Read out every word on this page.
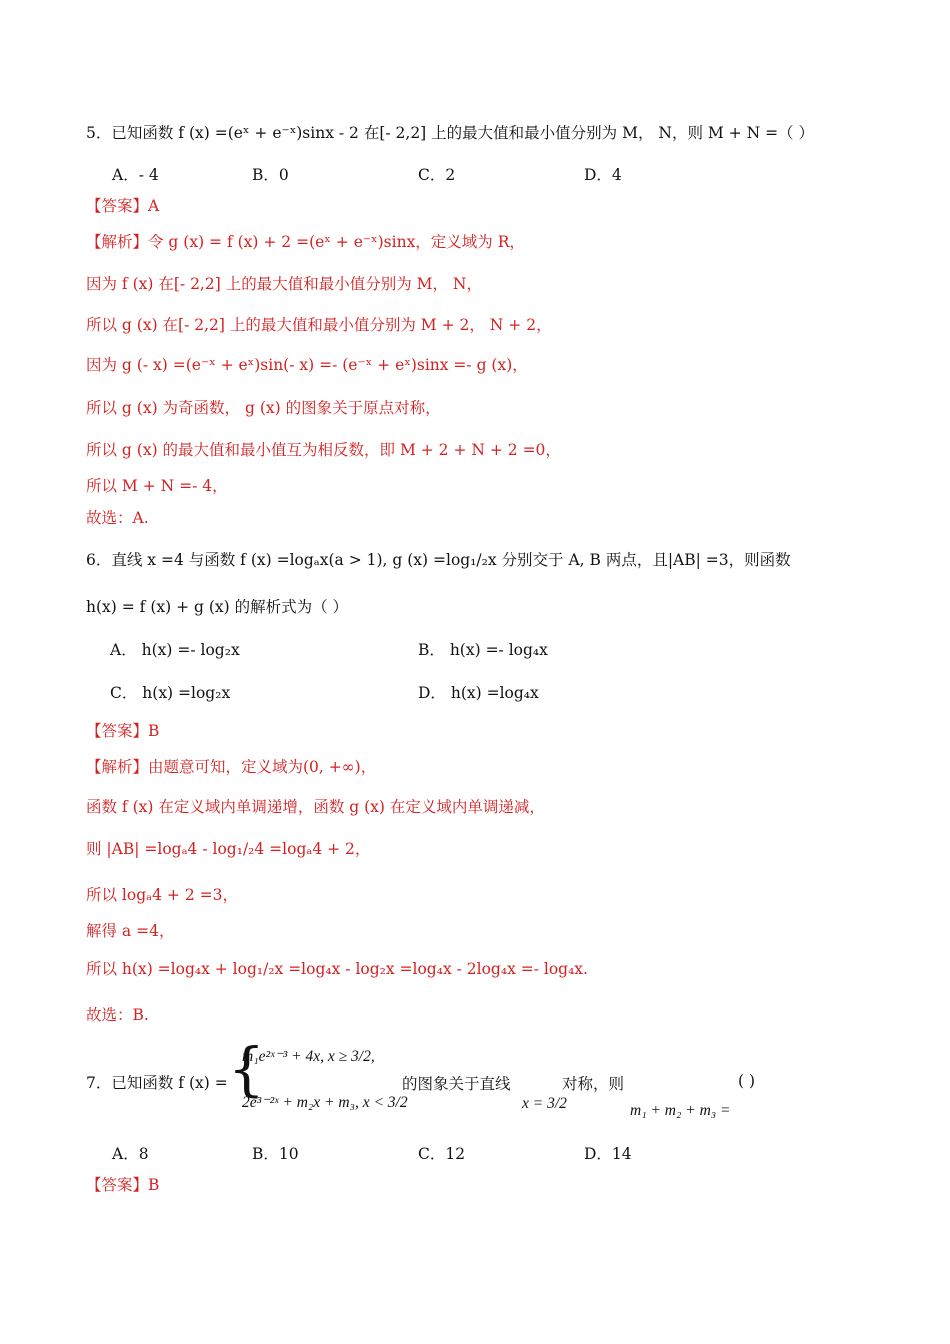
5．已知函数 f (x) =(eˣ + e⁻ˣ)sinx - 2 在[- 2,2] 上的最大值和最小值分别为 M， N，则 M + N =（ ）
A．- 4	B．0	C．2	D．4
【答案】A
【解析】令 g (x) = f (x) + 2 =(eˣ + e⁻ˣ)sinx，定义域为 R，
因为 f (x) 在[- 2,2] 上的最大值和最小值分别为 M， N，
所以 g (x) 在[- 2,2] 上的最大值和最小值分别为 M + 2， N + 2，
因为 g (- x) =(e⁻ˣ + eˣ)sin(- x) =- (e⁻ˣ + eˣ)sinx =- g (x)，
所以 g (x) 为奇函数， g (x) 的图象关于原点对称，
所以 g (x) 的最大值和最小值互为相反数，即 M + 2 + N + 2 =0，
所以 M + N =- 4，
故选：A.
6．直线 x =4 与函数 f (x) =logₐx(a > 1), g (x) =log₁/₂x 分别交于 A, B 两点，且|AB| =3，则函数
h(x) = f (x) + g (x) 的解析式为（ ）
A． h(x) =- log₂x	B． h(x) =- log₄x
C． h(x) =log₂x	D． h(x) =log₄x
【答案】B
【解析】由题意可知，定义域为(0, +∞)，
函数 f (x) 在定义域内单调递增，函数 g (x) 在定义域内单调递减，
则 |AB| =logₐ4 - log₁/₂4 =logₐ4 + 2，
所以 logₐ4 + 2 =3，
解得 a =4，
所以 h(x) =log₄x + log₁/₂x =log₄x - log₂x =log₄x - 2log₄x =- log₄x.
故选：B.
7．已知函数 f (x) = {
m₁e²ˣ⁻³ + 4x, x ≥ 3/2,
2e³⁻²ˣ + m₂x + m₃, x < 3/2
的图象关于直线
x = 3/2
对称，则	( )
m₁ + m₂ + m₃ =
A．8	B．10	C．12	D．14
【答案】B
